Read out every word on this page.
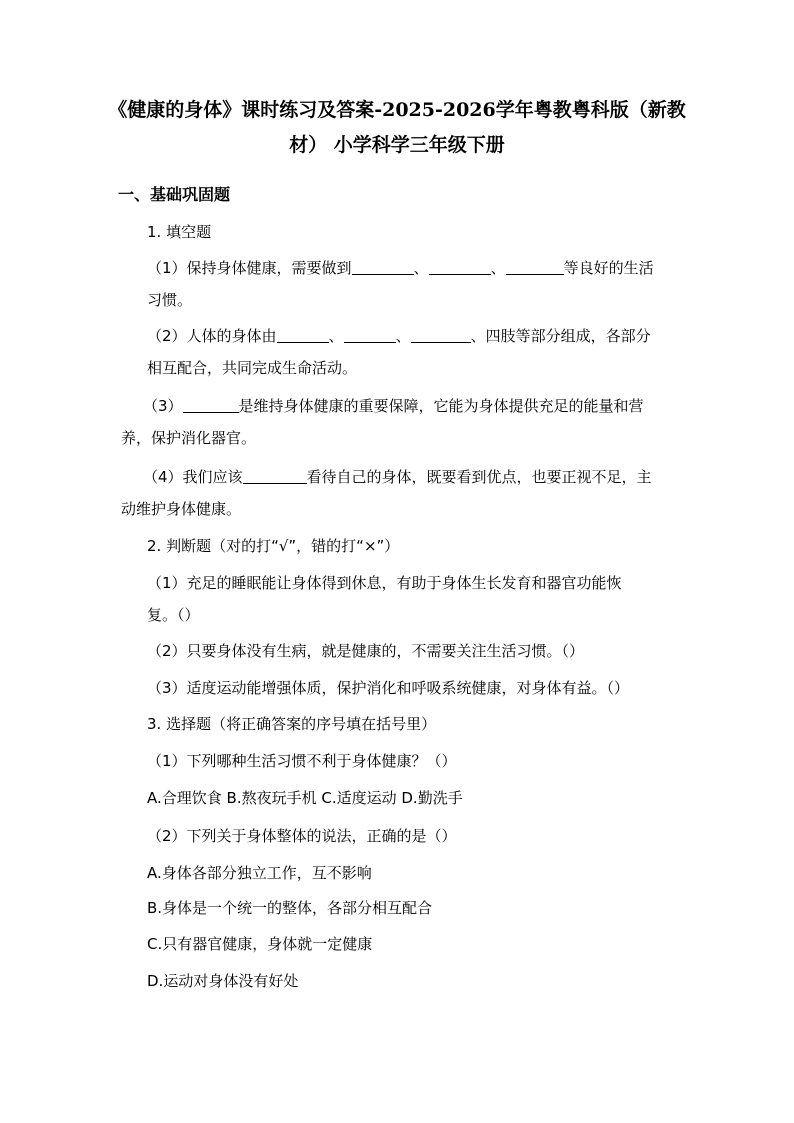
《健康的身体》课时练习及答案-2025-2026学年粤教粤科版（新教
材） 小学科学三年级下册
一、基础巩固题
1. 填空题
（1）保持身体健康，需要做到	、	、	等良好的生活
习惯。
（2）人体的身体由	、	、	、四肢等部分组成，各部分
相互配合，共同完成生命活动。
（3）	是维持身体健康的重要保障，它能为身体提供充足的能量和营
养，保护消化器官。
（4）我们应该	看待自己的身体，既要看到优点，也要正视不足，主
动维护身体健康。
2. 判断题（对的打“√”，错的打“×”）
（1）充足的睡眠能让身体得到休息，有助于身体生长发育和器官功能恢
复。（）
（2）只要身体没有生病，就是健康的，不需要关注生活习惯。（）
（3）适度运动能增强体质，保护消化和呼吸系统健康，对身体有益。（）
3. 选择题（将正确答案的序号填在括号里）
（1）下列哪种生活习惯不利于身体健康？（）
A.合理饮食 B.熬夜玩手机 C.适度运动 D.勤洗手
（2）下列关于身体整体的说法，正确的是（）
A.身体各部分独立工作，互不影响
B.身体是一个统一的整体，各部分相互配合
C.只有器官健康，身体就一定健康
D.运动对身体没有好处
